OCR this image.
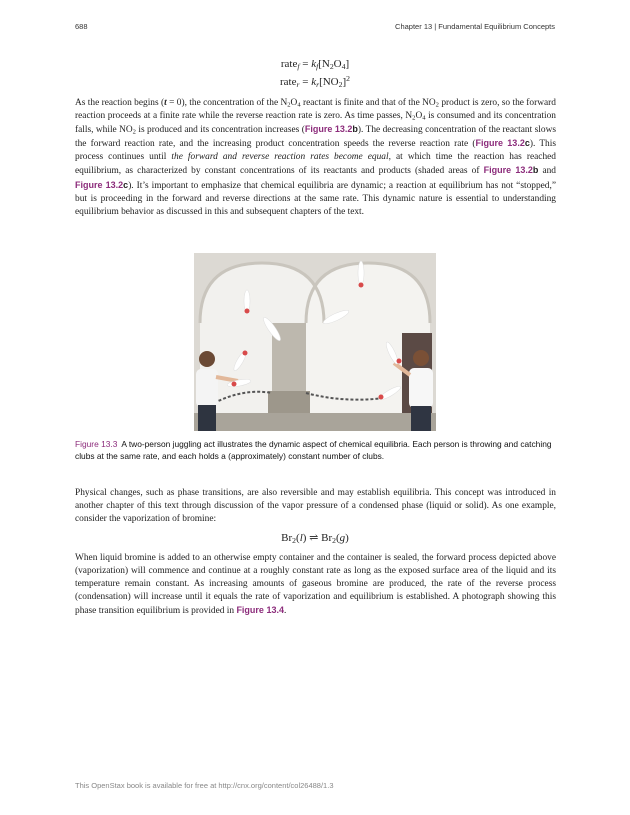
688	Chapter 13 | Fundamental Equilibrium Concepts
rate$_f$ = $k_f[N_2O_4]$
rate$_r$ = $k_r[NO_2]^2$
As the reaction begins (t = 0), the concentration of the $N_2O_4$ reactant is finite and that of the $NO_2$ product is zero, so the forward reaction proceeds at a finite rate while the reverse reaction rate is zero. As time passes, $N_2O_4$ is consumed and its concentration falls, while $NO_2$ is produced and its concentration increases (Figure 13.2b). The decreasing concentration of the reactant slows the forward reaction rate, and the increasing product concentration speeds the reverse reaction rate (Figure 13.2c). This process continues until the forward and reverse reaction rates become equal, at which time the reaction has reached equilibrium, as characterized by constant concentrations of its reactants and products (shaded areas of Figure 13.2b and Figure 13.2c). It’s important to emphasize that chemical equilibria are dynamic; a reaction at equilibrium has not “stopped,” but is proceeding in the forward and reverse directions at the same rate. This dynamic nature is essential to understanding equilibrium behavior as discussed in this and subsequent chapters of the text.
Figure 13.3 A two-person juggling act illustrates the dynamic aspect of chemical equilibria. Each person is throwing and catching clubs at the same rate, and each holds a (approximately) constant number of clubs.
Physical changes, such as phase transitions, are also reversible and may establish equilibria. This concept was introduced in another chapter of this text through discussion of the vapor pressure of a condensed phase (liquid or solid). As one example, consider the vaporization of bromine:
$Br_2(l)$ ⇌ $Br_2(g)$
When liquid bromine is added to an otherwise empty container and the container is sealed, the forward process depicted above (vaporization) will commence and continue at a roughly constant rate as long as the exposed surface area of the liquid and its temperature remain constant. As increasing amounts of gaseous bromine are produced, the rate of the reverse process (condensation) will increase until it equals the rate of vaporization and equilibrium is established. A photograph showing this phase transition equilibrium is provided in Figure 13.4.
This OpenStax book is available for free at http://cnx.org/content/col26488/1.3
